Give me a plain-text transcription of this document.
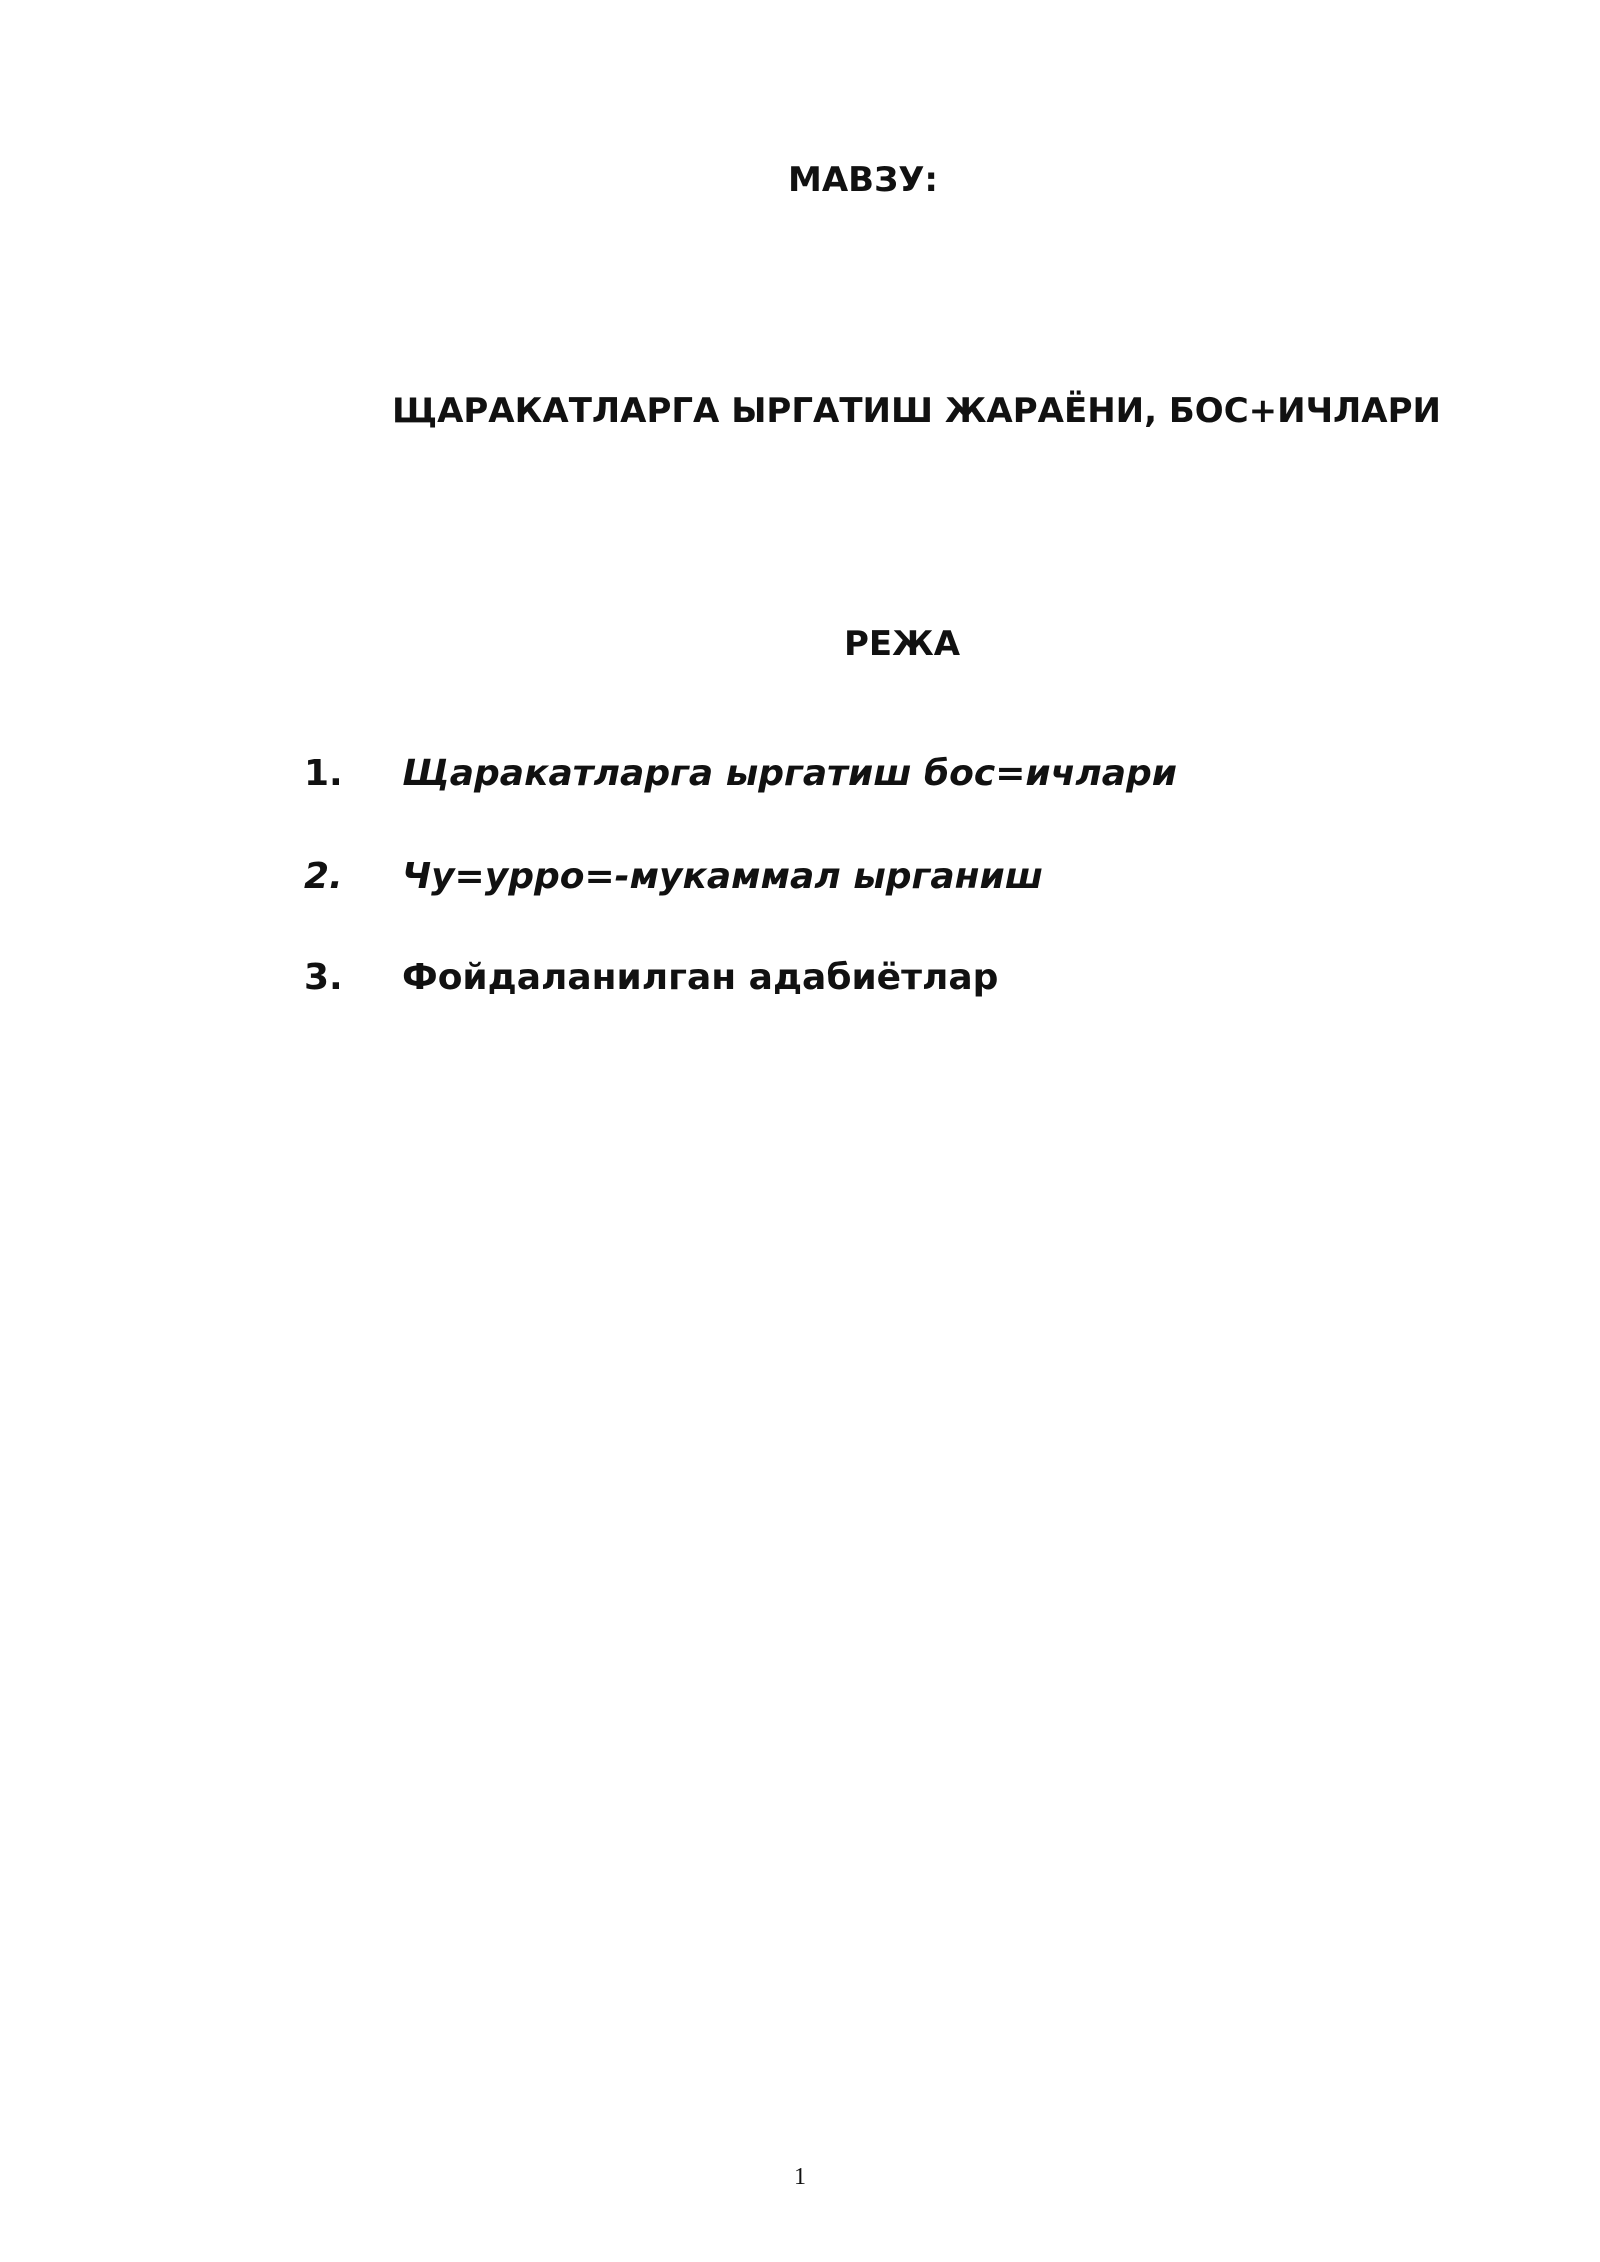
МАВЗУ:
ЩАРАКАТЛАРГА ЫРГАТИШ ЖАРАЁНИ, БОС+ИЧЛАРИ
РЕЖА
1. Щаракатларга ыргатиш бос=ичлари
2. Чу=урро=-мукаммал ырганиш
3. Фойдаланилган адабиётлар
1
